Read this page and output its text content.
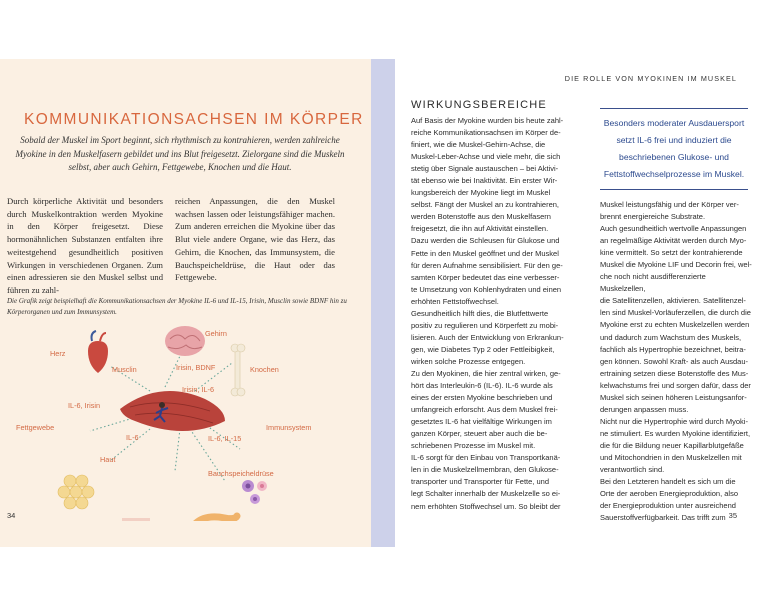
KOMMUNIKATIONSACHSEN IM KÖRPER

Sobald der Muskel im Sport beginnt, sich rhythmisch zu kontrahieren, werden zahlreiche Myokine in den Muskelfasern gebildet und ins Blut freigesetzt. Zielorgane sind die Muskeln selbst, aber auch Gehirn, Fettgewebe, Knochen und die Haut.

Durch körperliche Aktivität und besonders durch Muskelkontraktion werden Myokine in den Körper freigesetzt. Diese hormonähnlichen Substanzen entfalten ihre weitestgehend gesundheitlich positiven Wirkungen in verschiedenen Organen. Zum einen adressieren sie den Muskel selbst und führen zu zahl-

reichen Anpassungen, die den Muskel wachsen lassen oder leistungsfähiger machen. Zum anderen erreichen die Myokine über das Blut viele andere Organe, wie das Herz, das Gehirn, die Knochen, das Immunsystem, die Bauchspeicheldrüse, die Haut oder das Fettgewebe.

Die Grafik zeigt beispielhaft die Kommunikationsachsen der Myokine IL-6 und IL-15, Irisin, Musclin sowie BDNF hin zu Körperorganen und zum Immunsystem.

Gehirn
Herz
Musclin	Irisin, BDNF	Knochen
Irisin, IL-6
IL-6, Irisin
Fettgewebe
IL-6	IL-6, IL-15
Immunsystem
Haut
Bauchspeicheldrüse
34

DIE ROLLE VON MYOKINEN IM MUSKEL

WIRKUNGSBEREICHE

Besonders moderater Ausdauersport setzt IL-6 frei und induziert die beschriebenen Glukose- und Fettstoffwechselprozesse im Muskel.

Auf Basis der Myokine wurden bis heute zahl-
reiche Kommunikationsachsen im Körper de-
finiert, wie die Muskel-Gehirn-Achse, die
Muskel-Leber-Achse und viele mehr, die sich
stetig über Signale austauschen – bei Aktivi-
tät ebenso wie bei Inaktivität. Ein erster Wir-
kungsbereich der Myokine liegt im Muskel
selbst. Fängt der Muskel an zu kontrahieren,
werden Botenstoffe aus den Muskelfasern
freigesetzt, die ihn auf Aktivität einstellen.
Dazu werden die Schleusen für Glukose und
Fette in den Muskel geöffnet und der Muskel
für deren Aufnahme sensibilisiert. Für den ge-
samten Körper bedeutet das eine verbesser-
te Umsetzung von Kohlenhydraten und einen
erhöhten Fettstoffwechsel.
Gesundheitlich hilft dies, die Blutfettwerte
positiv zu regulieren und Körperfett zu mobi-
lisieren. Auch der Entwicklung von Erkrankun-
gen, wie Diabetes Typ 2 oder Fettleibigkeit,
wirken solche Prozesse entgegen.
Zu den Myokinen, die hier zentral wirken, ge-
hört das Interleukin-6 (IL-6). IL-6 wurde als
eines der ersten Myokine beschrieben und
umfangreich erforscht. Aus dem Muskel frei-
gesetztes IL-6 hat vielfältige Wirkungen im
ganzen Körper, steuert aber auch die be-
schriebenen Prozesse im Muskel mit.
IL-6 sorgt für den Einbau von Transportkanä-
len in die Muskelzellmembran, den Glukose-
transporter und Transporter für Fette, und
legt Schalter innerhalb der Muskelzelle so ei-
nem erhöhten Stoffwechsel um. So bleibt der
Muskel leistungsfähig und der Körper ver-
brennt energiereiche Substrate.
Auch gesundheitlich wertvolle Anpassungen
an regelmäßige Aktivität werden durch Myo-
kine vermittelt. So setzt der kontrahierende
Muskel die Myokine LIF und Decorin frei, wel-
che noch nicht ausdifferenzierte Muskelzellen,
die Satellitenzellen, aktivieren. Satellitenzel-
len sind Muskel-Vorläuferzellen, die durch die
Myokine erst zu echten Muskelzellen werden
und dadurch zum Wachstum des Muskels,
fachlich als Hypertrophie bezeichnet, beitra-
gen können. Sowohl Kraft- als auch Ausdau-
ertraining setzen diese Botenstoffe des Mus-
kelwachstums frei und sorgen dafür, dass der
Muskel sich seinen höheren Leistungsanfor-
derungen anpassen muss.
Nicht nur die Hypertrophie wird durch Myoki-
ne stimuliert. Es wurden Myokine identifiziert,
die für die Bildung neuer Kapillarblutgefäße
und Mitochondrien in den Muskelzellen mit
verantwortlich sind.
Bei den Letzteren handelt es sich um die
Orte der aeroben Energieproduktion, also
der Energieproduktion unter ausreichend
Sauerstoffverfügbarkeit. Das trifft zum 35
